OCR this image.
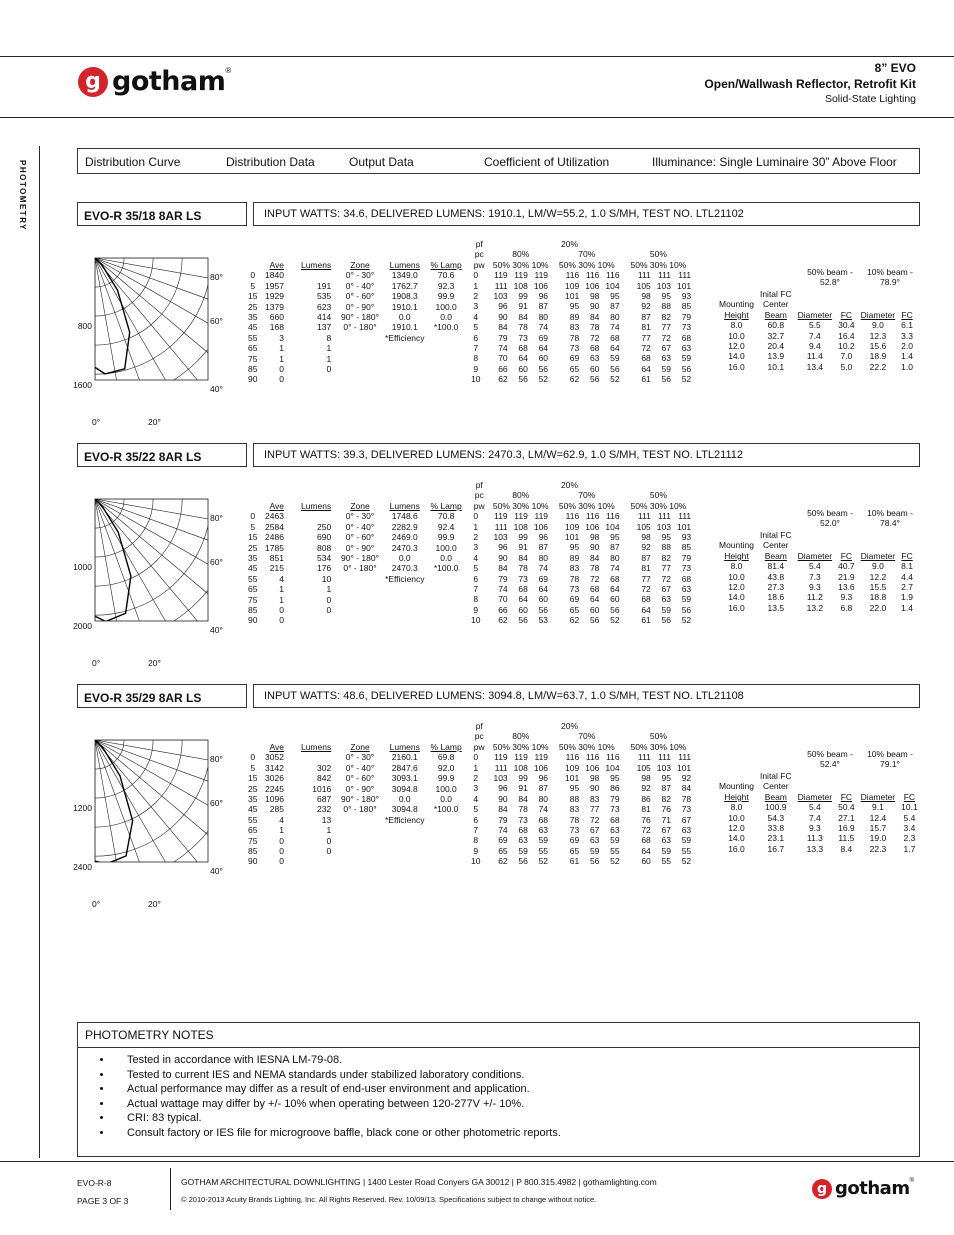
g gotham®	8” EVO
Open/Wallwash Reflector, Retrofit Kit
Solid-State Lighting
PHOTOMETRY	Distribution Curve	Distribution Data	Output Data	Coefficient of Utilization	Illuminance: Single Luminaire 30” Above Floor
EVO-R 35/18 8AR LS	INPUT WATTS: 34.6, DELIVERED LUMENS: 1910.1, LM/W=55.2, 1.0 S/MH, TEST NO. LTL21102
80°
60°
40°
800
1600
0°	20°
	Ave	Lumens
0	1840	
5	1957	191
15	1929	535
25	1379	623
35	660	414
45	168	137
55	3	8
65	1	1
75	1	1
85	0	0
90	0	
Zone	Lumens	% Lamp
0° - 30°	1349.0	70.6
0° - 40°	1762.7	92.3
0° - 60°	1908.3	99.9
0° - 90°	1910.1	100.0
90° - 180°	0.0	0.0
0° - 180°	1910.1	*100.0
	*Efficiency	
pf				20%					
pc	80%			70%			50%		
pw	50% 30% 10%			50% 30% 10%			50% 30% 10%		
0	119	119	119	116	116	116	111	111	111
1	111	108	106	109	106	104	105	103	101
2	103	99	96	101	98	95	98	95	93
3	96	91	87	95	90	87	92	88	85
4	90	84	80	89	84	80	87	82	79
5	84	78	74	83	78	74	81	77	73
6	79	73	69	78	72	68	77	72	68
7	74	68	64	73	68	64	72	67	63
8	70	64	60	69	63	59	68	63	59
9	66	60	56	65	60	56	64	59	56
10	62	56	52	62	56	52	61	56	52
50% beam -
52.8°
10% beam -
78.9°
	Inital FC				
Mounting	Center				
Height	Beam	Diameter	FC	Diameter	FC
8.0	60.8	5.5	30.4	9.0	6.1
10.0	32.7	7.4	16.4	12.3	3.3
12.0	20.4	9.4	10.2	15.6	2.0
14.0	13.9	11.4	7.0	18.9	1.4
16.0	10.1	13.4	5.0	22.2	1.0
EVO-R 35/22 8AR LS	INPUT WATTS: 39.3, DELIVERED LUMENS: 2470.3, LM/W=62.9, 1.0 S/MH, TEST NO. LTL21112
80°
60°
40°
1000
2000
0°	20°
	Ave	Lumens
0	2463	
5	2584	250
15	2486	690
25	1785	808
35	851	534
45	215	176
55	4	10
65	1	1
75	1	0
85	0	0
90	0	
Zone	Lumens	% Lamp
0° - 30°	1748.6	70.8
0° - 40°	2282.9	92.4
0° - 60°	2469.0	99.9
0° - 90°	2470.3	100.0
90° - 180°	0.0	0.0
0° - 180°	2470.3	*100.0
	*Efficiency	
pf				20%					
pc	80%			70%			50%		
pw	50% 30% 10%			50% 30% 10%			50% 30% 10%		
0	119	119	119	116	116	116	111	111	111
1	111	108	106	109	106	104	105	103	101
2	103	99	96	101	98	95	98	95	93
3	96	91	87	95	90	87	92	88	85
4	90	84	80	89	84	80	87	82	79
5	84	78	74	83	78	74	81	77	73
6	79	73	69	78	72	68	77	72	68
7	74	68	64	73	68	64	72	67	63
8	70	64	60	69	64	60	68	63	59
9	66	60	56	65	60	56	64	59	56
10	62	56	53	62	56	52	61	56	52
50% beam -
52.0°
10% beam -
78.4°
	Inital FC				
Mounting	Center				
Height	Beam	Diameter	FC	Diameter	FC
8.0	81.4	5.4	40.7	9.0	8.1
10.0	43.8	7.3	21.9	12.2	4.4
12.0	27.3	9.3	13.6	15.5	2.7
14.0	18.6	11.2	9.3	18.8	1.9
16.0	13.5	13.2	6.8	22.0	1.4
EVO-R 35/29 8AR LS	INPUT WATTS: 48.6, DELIVERED LUMENS: 3094.8, LM/W=63.7, 1.0 S/MH, TEST NO. LTL21108
80°
60°
40°
1200
2400
0°	20°
	Ave	Lumens
0	3052	
5	3142	302
15	3026	842
25	2245	1016
35	1096	687
45	285	232
55	4	13
65	1	1
75	0	0
85	0	0
90	0	
Zone	Lumens	% Lamp
0° - 30°	2160.1	69.8
0° - 40°	2847.6	92.0
0° - 60°	3093.1	99.9
0° - 90°	3094.8	100.0
90° - 180°	0.0	0.0
0° - 180°	3094.8	*100.0
	*Efficiency	
pf				20%					
pc	80%			70%			50%		
pw	50% 30% 10%			50% 30% 10%			50% 30% 10%		
0	119	119	119	116	116	116	111	111	111
1	111	108	106	109	106	104	105	103	101
2	103	99	96	101	98	95	98	95	92
3	96	91	87	95	90	86	92	87	84
4	90	84	80	88	83	79	86	82	78
5	84	78	74	83	77	73	81	76	73
6	79	73	68	78	72	68	76	71	67
7	74	68	63	73	67	63	72	67	63
8	69	63	59	69	63	59	68	63	59
9	65	59	55	65	59	55	64	59	55
10	62	56	52	61	56	52	60	55	52
50% beam -
52.4°
10% beam -
79.1°
	Inital FC				
Mounting	Center				
Height	Beam	Diameter	FC	Diameter	FC
8.0	100.9	5.4	50.4	9.1	10.1
10.0	54.3	7.4	27.1	12.4	5.4
12.0	33.8	9.3	16.9	15.7	3.4
14.0	23.1	11.3	11.5	19.0	2.3
16.0	16.7	13.3	8.4	22.3	1.7
PHOTOMETRY NOTES
• Tested in accordance with IESNA LM-79-08.
• Tested to current IES and NEMA standards under stabilized laboratory conditions.
• Actual performance may differ as a result of end-user environment and application.
• Actual wattage may differ by +/- 10% when operating between 120-277V +/- 10%.
• CRI: 83 typical.
• Consult factory or IES file for microgroove baffle, black cone or other photometric reports.
EVO-R-8
PAGE 3 OF 3
GOTHAM ARCHITECTURAL DOWNLIGHTING | 1400 Lester Road Conyers GA 30012 | P 800.315.4982 | gothamlighting.com
© 2010-2013 Acuity Brands Lighting, Inc. All Rights Reserved. Rev. 10/09/13. Specifications subject to change without notice.
g gotham®
